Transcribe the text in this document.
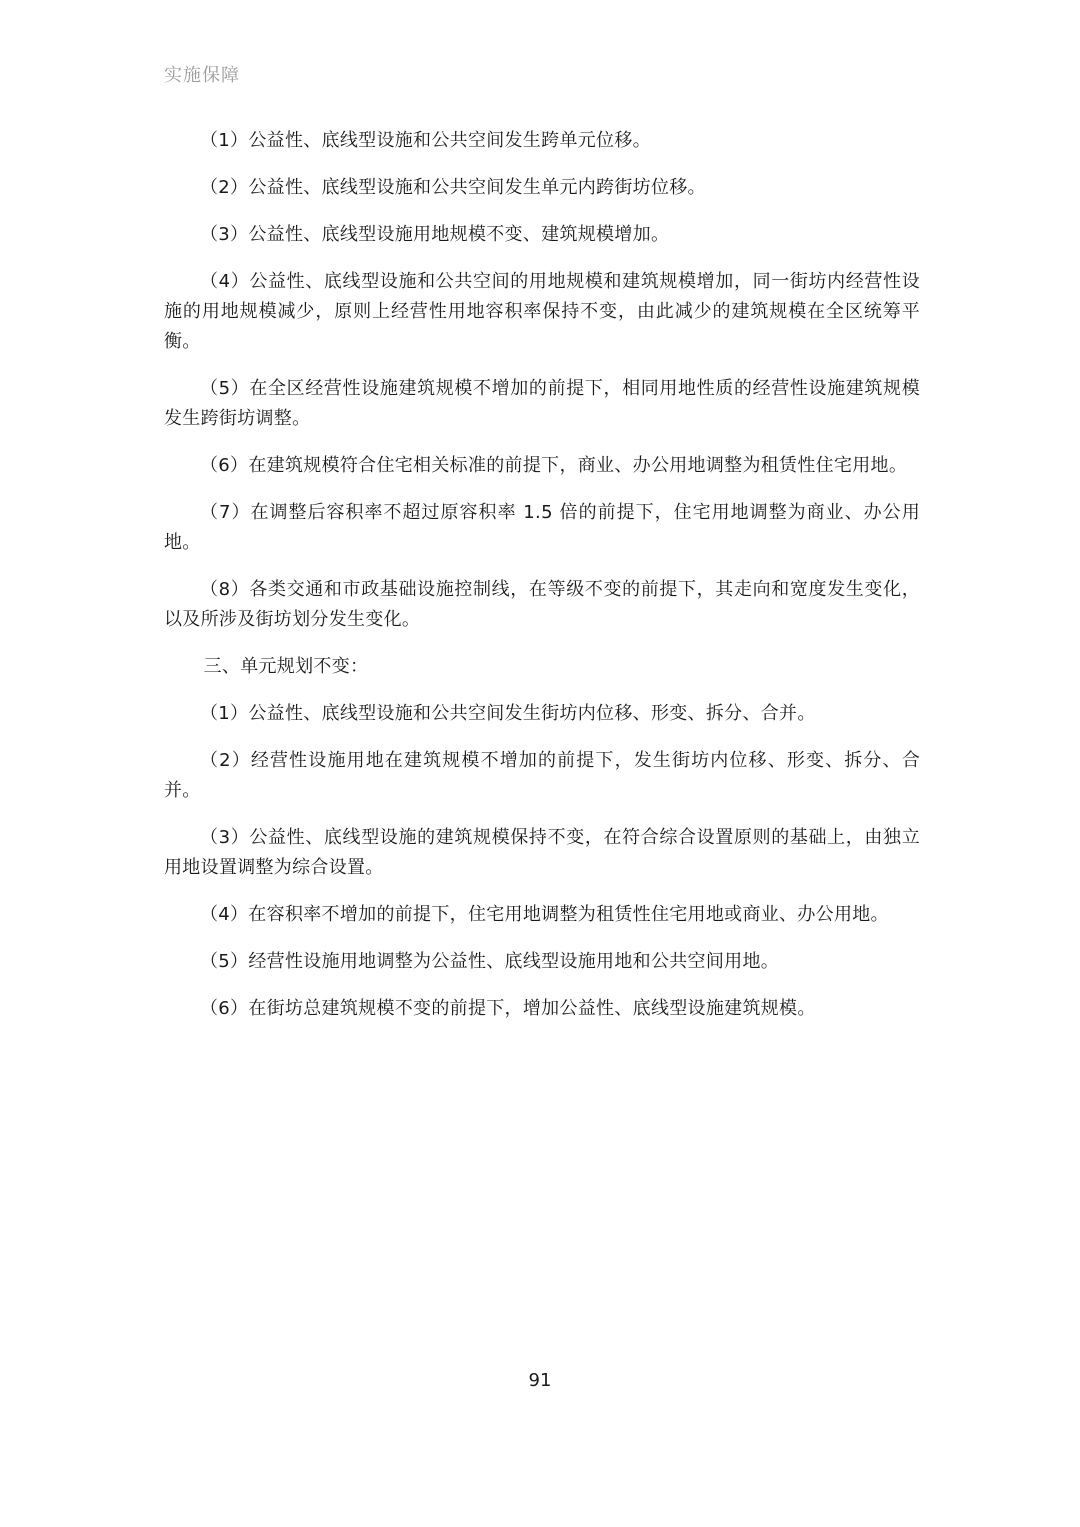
实施保障

（1）公益性、底线型设施和公共空间发生跨单元位移。

（2）公益性、底线型设施和公共空间发生单元内跨街坊位移。

（3）公益性、底线型设施用地规模不变、建筑规模增加。

（4）公益性、底线型设施和公共空间的用地规模和建筑规模增加，同一街坊内经营性设施的用地规模减少，原则上经营性用地容积率保持不变，由此减少的建筑规模在全区统筹平衡。

（5）在全区经营性设施建筑规模不增加的前提下，相同用地性质的经营性设施建筑规模发生跨街坊调整。

（6）在建筑规模符合住宅相关标准的前提下，商业、办公用地调整为租赁性住宅用地。

（7）在调整后容积率不超过原容积率 1.5 倍的前提下，住宅用地调整为商业、办公用地。

（8）各类交通和市政基础设施控制线，在等级不变的前提下，其走向和宽度发生变化，以及所涉及街坊划分发生变化。

三、单元规划不变：

（1）公益性、底线型设施和公共空间发生街坊内位移、形变、拆分、合并。

（2）经营性设施用地在建筑规模不增加的前提下，发生街坊内位移、形变、拆分、合并。

（3）公益性、底线型设施的建筑规模保持不变，在符合综合设置原则的基础上，由独立用地设置调整为综合设置。

（4）在容积率不增加的前提下，住宅用地调整为租赁性住宅用地或商业、办公用地。

（5）经营性设施用地调整为公益性、底线型设施用地和公共空间用地。

（6）在街坊总建筑规模不变的前提下，增加公益性、底线型设施建筑规模。

91
